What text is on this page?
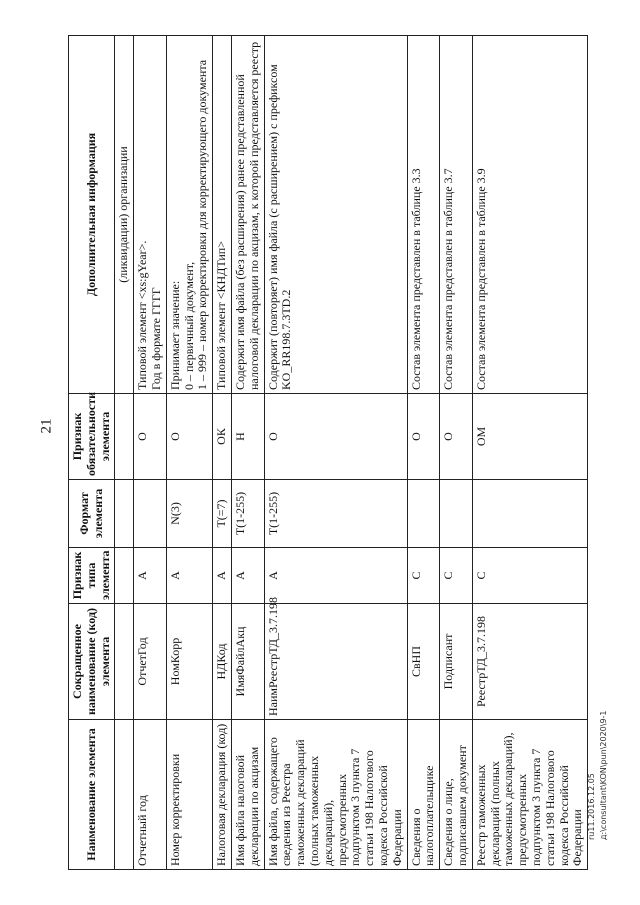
21
ru11.2016.12.05 д:\consultant\KON\pun\2020\9-1
Наименование элемента	Сокращенное наименование (код) элемента	Признак типа элемента	Формат элемента	Признак обязательности элемента	Дополнительная информация
					(ликвидации) организации
Отчетный год	ОтчетГод	А		О	Типовой элемент <xs:gYear>.
Год в формате ГГГГ
Номер корректировки	НомКорр	А	N(3)	О	Принимает значение:
0 – первичный документ,
1 – 999 – номер корректировки для корректирующего документа
Налоговая декларация (код)	НДКод	А	T(=7)	ОК	Типовой элемент <КНДТип>
Имя файла налоговой декларации по акцизам	ИмяФайлАкц	А	T(1-255)	Н	Содержит имя файла (без расширения) ранее представленной налоговой декларации по акцизам, к которой представляется реестр
Имя файла, содержащего сведения из Реестра таможенных деклараций (полных таможенных деклараций), предусмотренных подпунктом 3 пункта 7 статьи 198 Налогового кодекса Российской Федерации	НаимРеестрТД_3.7.198	А	T(1-255)	О	Содержит (повторяет) имя файла (с расширением) с префиксом KO_RR198.7.3TD.2
Сведения о налогоплательщике	СвНП	С		О	Состав элемента представлен в таблице 3.3
Сведения о лице, подписавшем документ	Подписант	С		О	Состав элемента представлен в таблице 3.7
Реестр таможенных деклараций (полных таможенных деклараций), предусмотренных подпунктом 3 пункта 7 статьи 198 Налогового кодекса Российской Федерации	РеестрТД_3.7.198	С		ОМ	Состав элемента представлен в таблице 3.9
